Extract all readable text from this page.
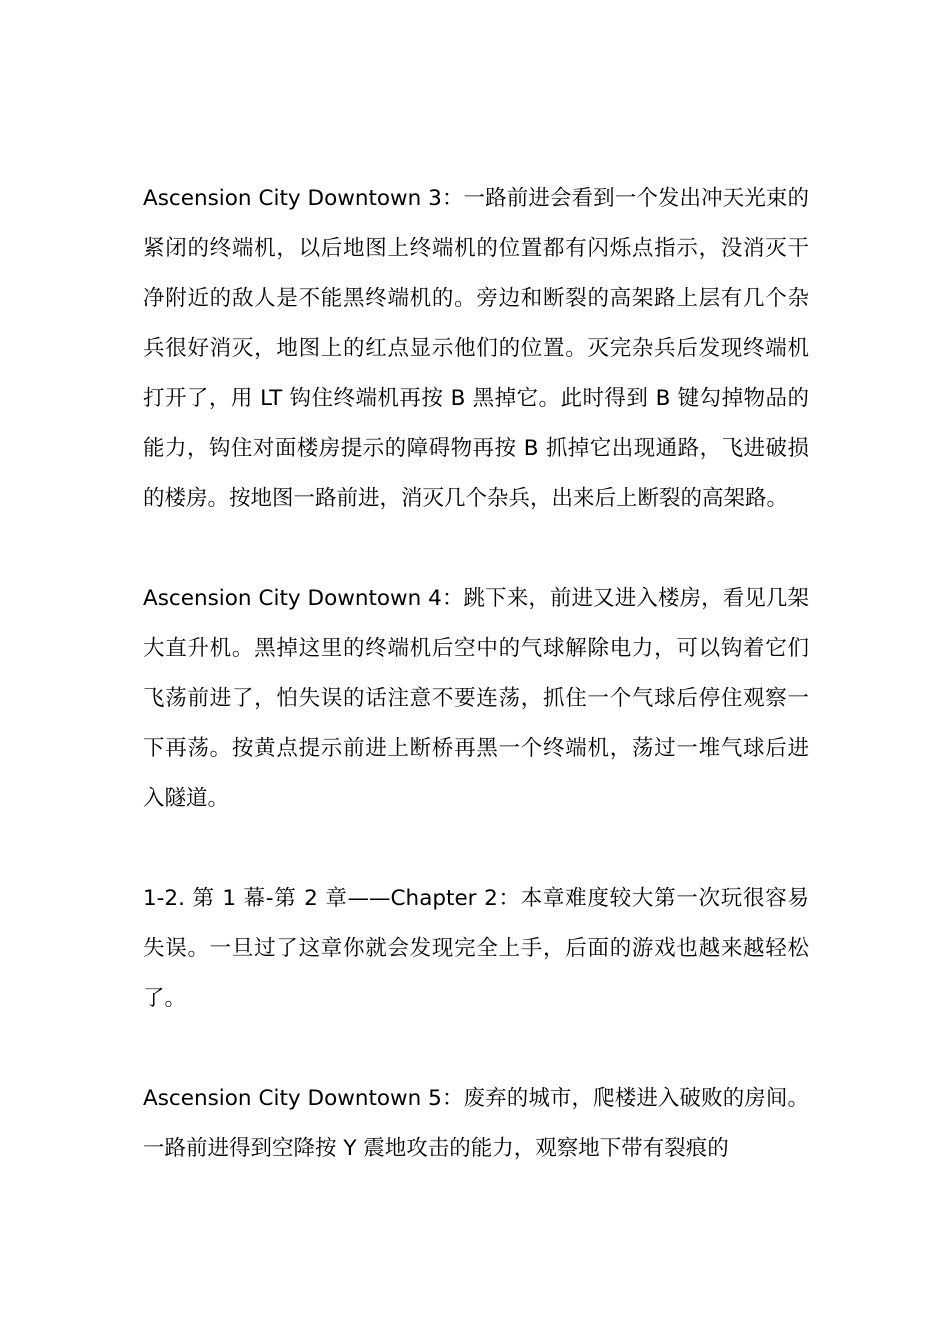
Ascension City Downtown 3：一路前进会看到一个发出冲天光束的紧闭的终端机，以后地图上终端机的位置都有闪烁点指示，没消灭干净附近的敌人是不能黑终端机的。旁边和断裂的高架路上层有几个杂兵很好消灭，地图上的红点显示他们的位置。灭完杂兵后发现终端机打开了，用 LT 钩住终端机再按 B 黑掉它。此时得到 B 键勾掉物品的能力，钩住对面楼房提示的障碍物再按 B 抓掉它出现通路，飞进破损的楼房。按地图一路前进，消灭几个杂兵，出来后上断裂的高架路。

Ascension City Downtown 4：跳下来，前进又进入楼房，看见几架大直升机。黑掉这里的终端机后空中的气球解除电力，可以钩着它们飞荡前进了，怕失误的话注意不要连荡，抓住一个气球后停住观察一下再荡。按黄点提示前进上断桥再黑一个终端机，荡过一堆气球后进入隧道。

1-2. 第 1 幕-第 2 章——Chapter 2：本章难度较大第一次玩很容易失误。一旦过了这章你就会发现完全上手，后面的游戏也越来越轻松了。

Ascension City Downtown 5：废弃的城市，爬楼进入破败的房间。一路前进得到空降按 Y 震地攻击的能力，观察地下带有裂痕的
